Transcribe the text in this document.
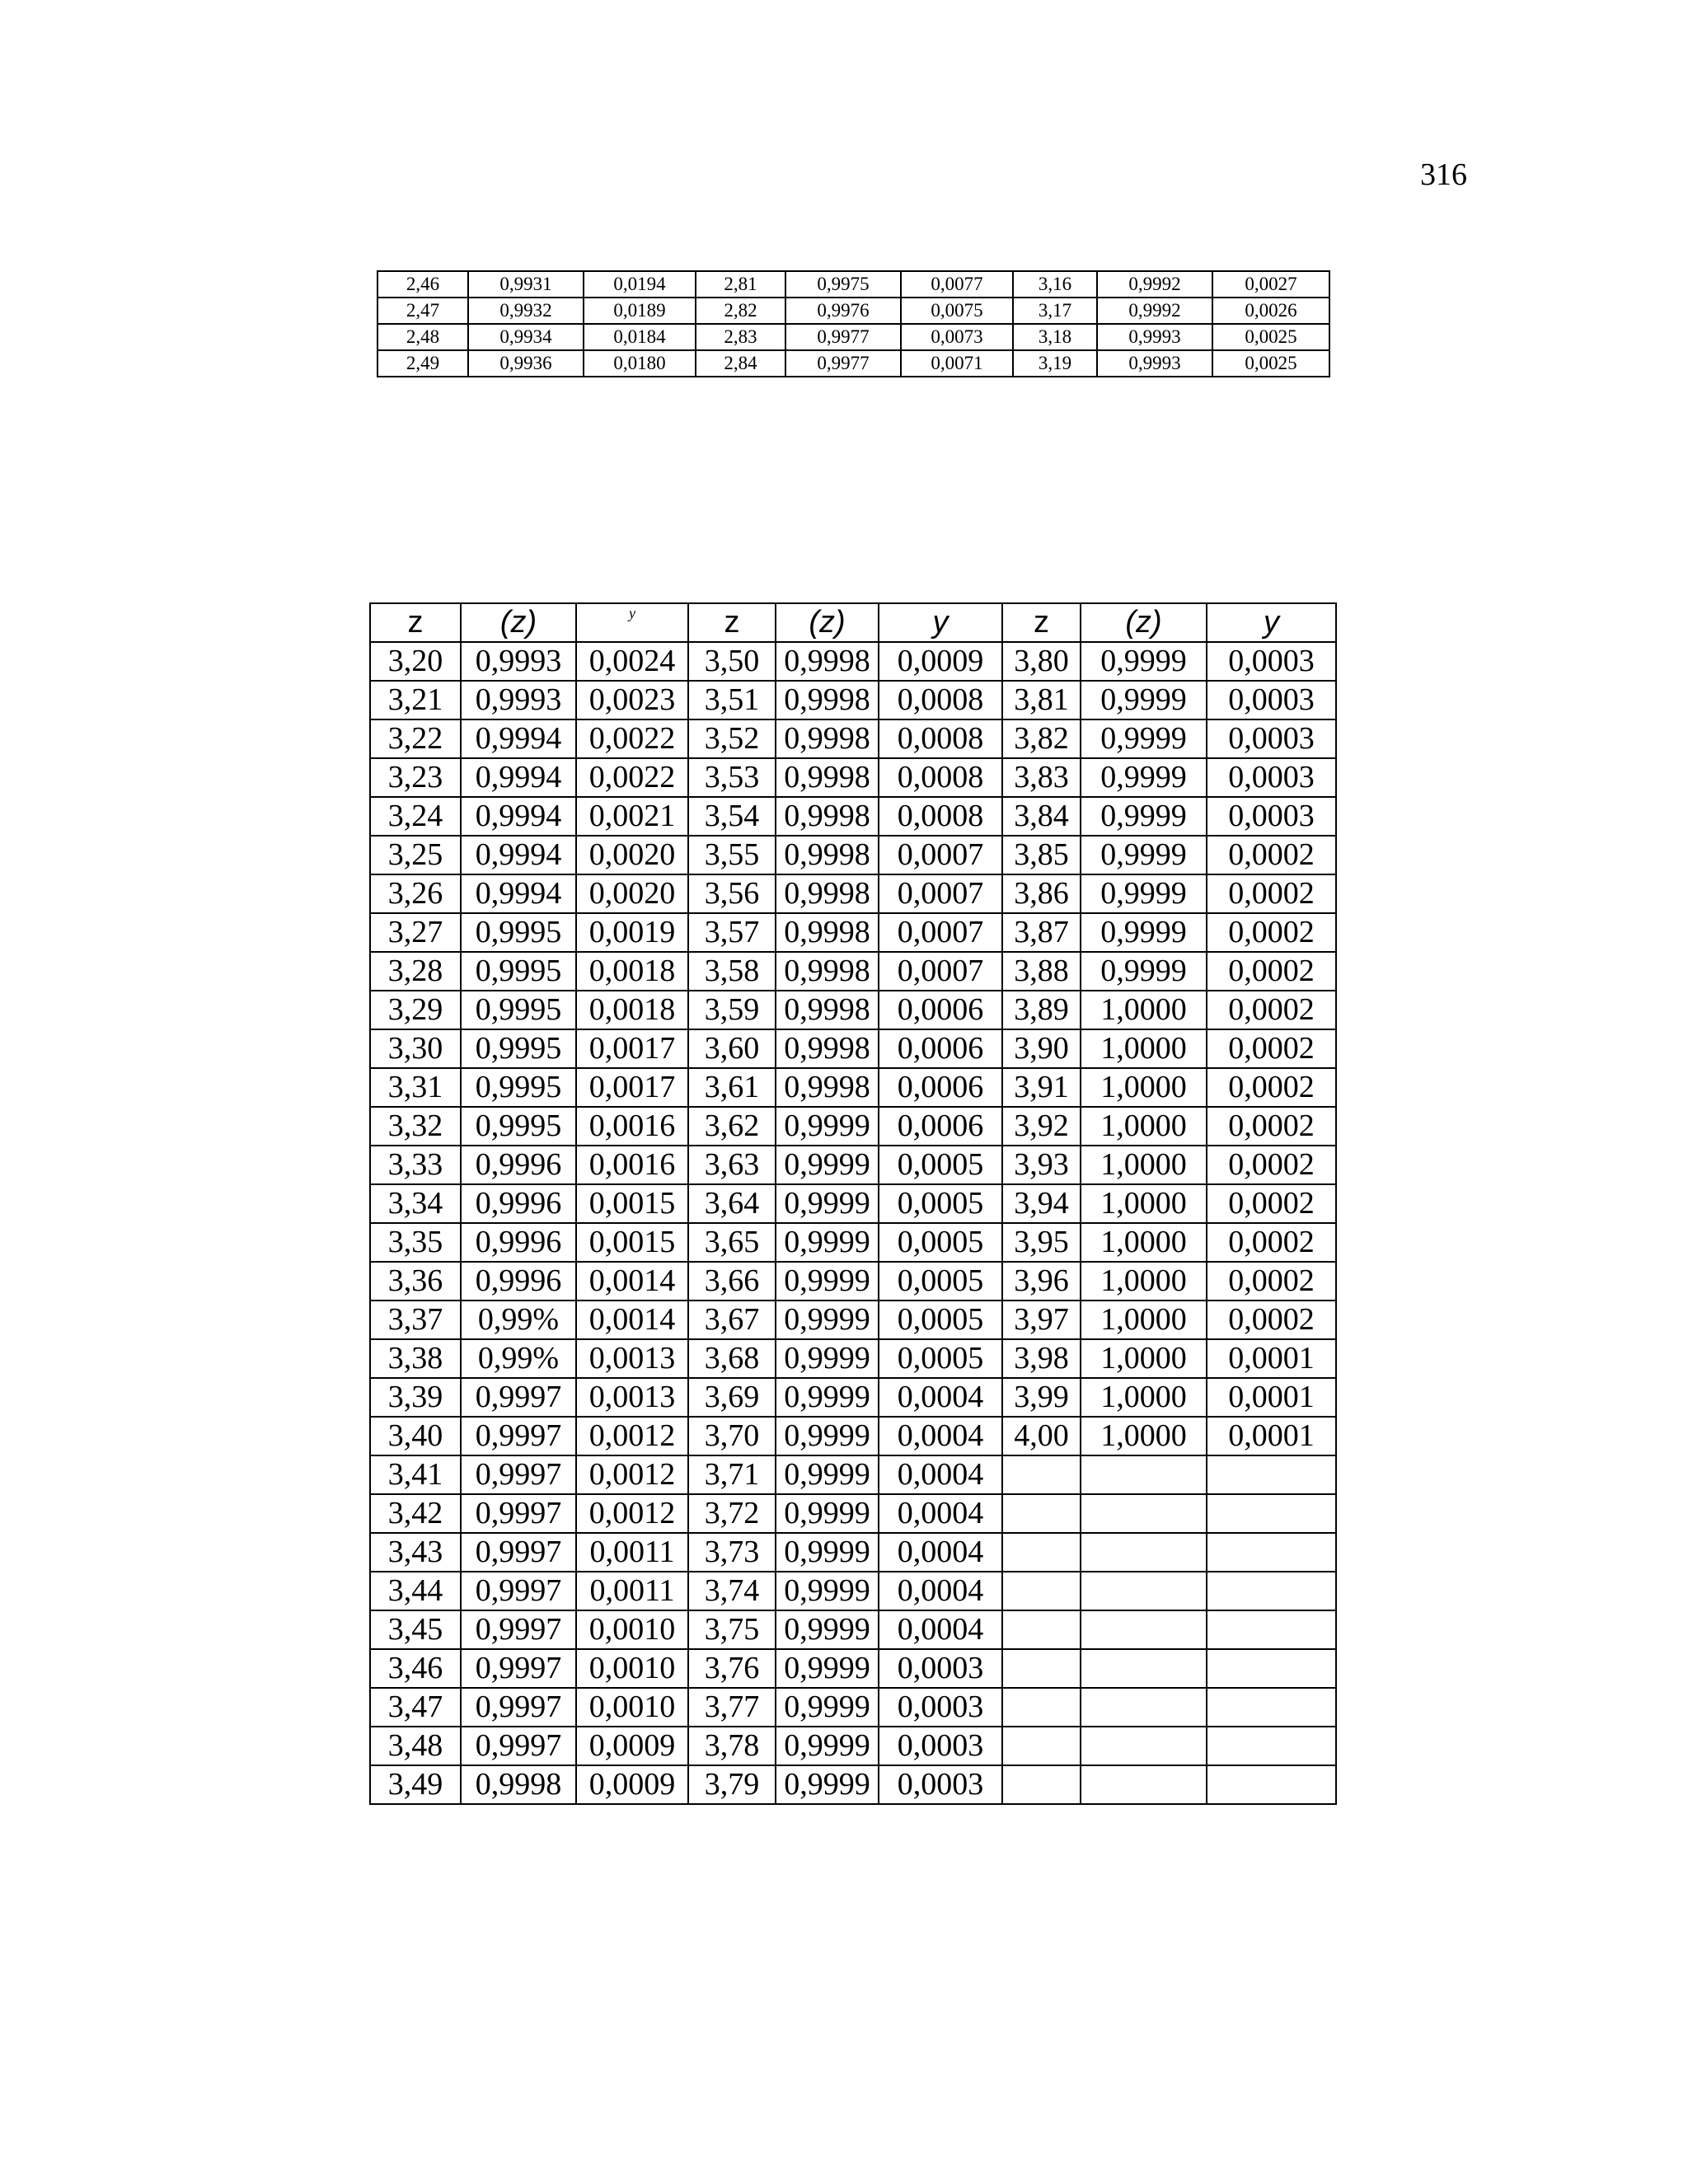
316
2,46	0,9931	0,0194	2,81	0,9975	0,0077	3,16	0,9992	0,0027
2,47	0,9932	0,0189	2,82	0,9976	0,0075	3,17	0,9992	0,0026
2,48	0,9934	0,0184	2,83	0,9977	0,0073	3,18	0,9993	0,0025
2,49	0,9936	0,0180	2,84	0,9977	0,0071	3,19	0,9993	0,0025
z	(z)	y	z	(z)	y	z	(z)	y
3,20	0,9993	0,0024	3,50	0,9998	0,0009	3,80	0,9999	0,0003
3,21	0,9993	0,0023	3,51	0,9998	0,0008	3,81	0,9999	0,0003
3,22	0,9994	0,0022	3,52	0,9998	0,0008	3,82	0,9999	0,0003
3,23	0,9994	0,0022	3,53	0,9998	0,0008	3,83	0,9999	0,0003
3,24	0,9994	0,0021	3,54	0,9998	0,0008	3,84	0,9999	0,0003
3,25	0,9994	0,0020	3,55	0,9998	0,0007	3,85	0,9999	0,0002
3,26	0,9994	0,0020	3,56	0,9998	0,0007	3,86	0,9999	0,0002
3,27	0,9995	0,0019	3,57	0,9998	0,0007	3,87	0,9999	0,0002
3,28	0,9995	0,0018	3,58	0,9998	0,0007	3,88	0,9999	0,0002
3,29	0,9995	0,0018	3,59	0,9998	0,0006	3,89	1,0000	0,0002
3,30	0,9995	0,0017	3,60	0,9998	0,0006	3,90	1,0000	0,0002
3,31	0,9995	0,0017	3,61	0,9998	0,0006	3,91	1,0000	0,0002
3,32	0,9995	0,0016	3,62	0,9999	0,0006	3,92	1,0000	0,0002
3,33	0,9996	0,0016	3,63	0,9999	0,0005	3,93	1,0000	0,0002
3,34	0,9996	0,0015	3,64	0,9999	0,0005	3,94	1,0000	0,0002
3,35	0,9996	0,0015	3,65	0,9999	0,0005	3,95	1,0000	0,0002
3,36	0,9996	0,0014	3,66	0,9999	0,0005	3,96	1,0000	0,0002
3,37	0,99%	0,0014	3,67	0,9999	0,0005	3,97	1,0000	0,0002
3,38	0,99%	0,0013	3,68	0,9999	0,0005	3,98	1,0000	0,0001
3,39	0,9997	0,0013	3,69	0,9999	0,0004	3,99	1,0000	0,0001
3,40	0,9997	0,0012	3,70	0,9999	0,0004	4,00	1,0000	0,0001
3,41	0,9997	0,0012	3,71	0,9999	0,0004			
3,42	0,9997	0,0012	3,72	0,9999	0,0004			
3,43	0,9997	0,0011	3,73	0,9999	0,0004			
3,44	0,9997	0,0011	3,74	0,9999	0,0004			
3,45	0,9997	0,0010	3,75	0,9999	0,0004			
3,46	0,9997	0,0010	3,76	0,9999	0,0003			
3,47	0,9997	0,0010	3,77	0,9999	0,0003			
3,48	0,9997	0,0009	3,78	0,9999	0,0003			
3,49	0,9998	0,0009	3,79	0,9999	0,0003			
